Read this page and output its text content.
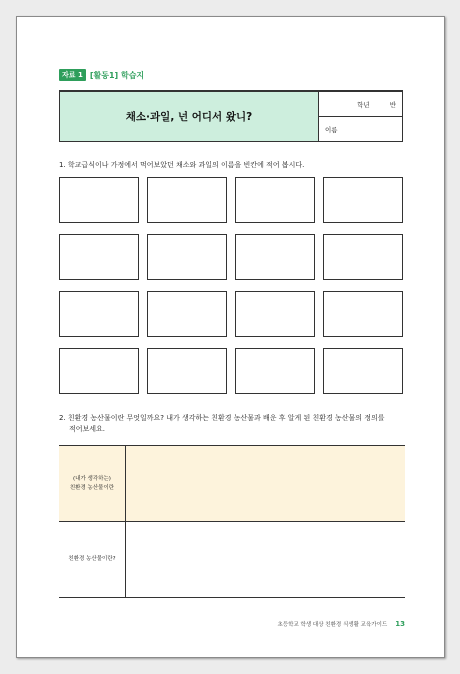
자료 1 [활동1] 학습지
채소·과일, 넌 어디서 왔니?
학년	반
이름
1. 학교급식이나 가정에서 먹어보았던 채소와 과일의 이름을 빈칸에 적어 봅시다.
2. 친환경 농산물이란 무엇일까요? 내가 생각하는 친환경 농산물과 배운 후 알게 된 친환경 농산물의 정의를
적어보세요.
(내가 생각하는)
친환경 농산물이란
친환경 농산물이란?
초등학교 학생 대상 친환경 식생활 교육가이드 13
